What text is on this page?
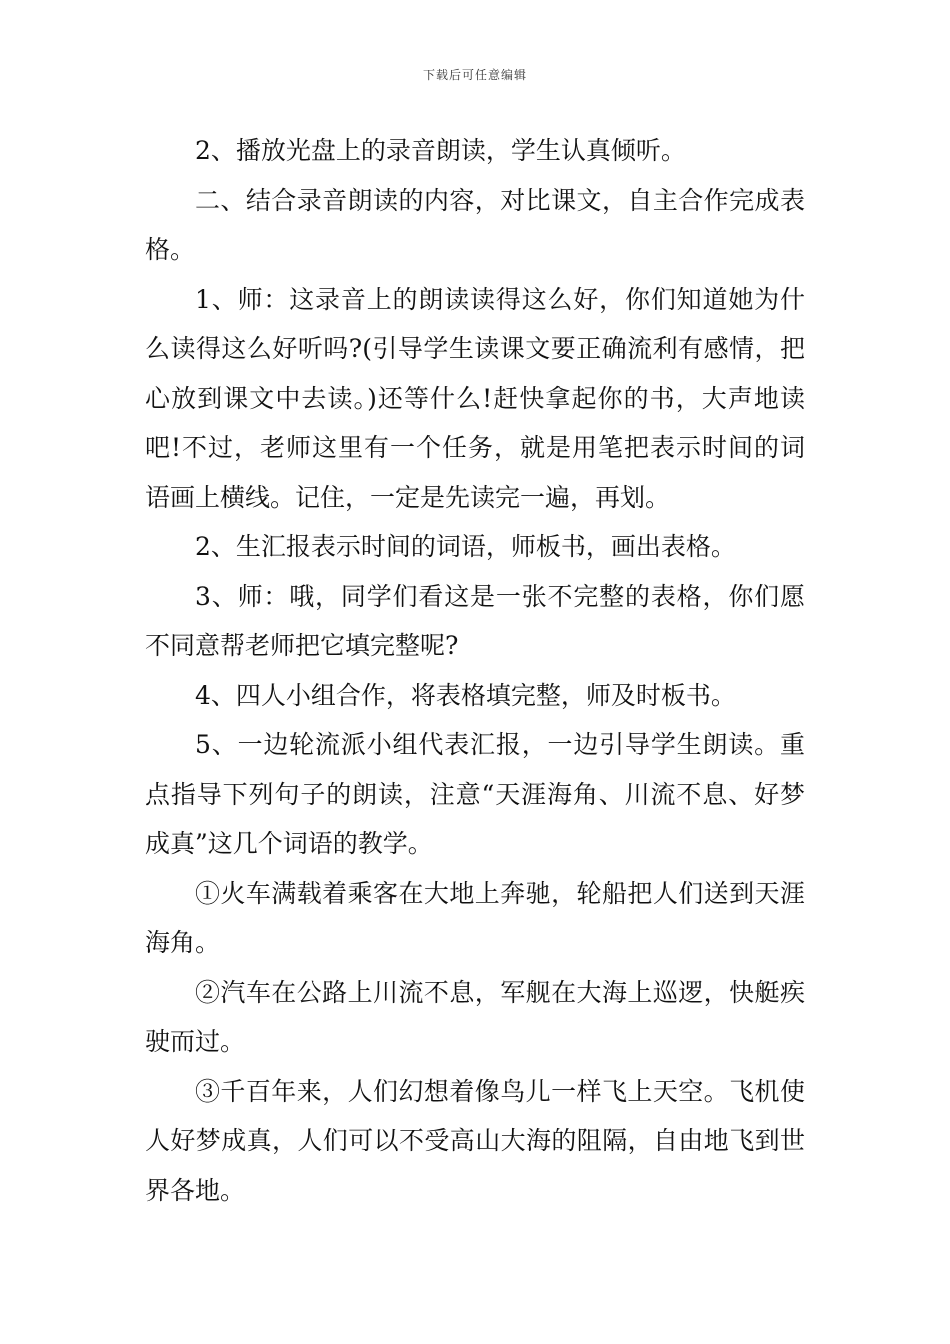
下载后可任意编辑

2、播放光盘上的录音朗读，学生认真倾听。

二、结合录音朗读的内容，对比课文，自主合作完成表格。

1、师：这录音上的朗读读得这么好，你们知道她为什么读得这么好听吗?(引导学生读课文要正确流利有感情，把心放到课文中去读。)还等什么!赶快拿起你的书，大声地读吧!不过，老师这里有一个任务，就是用笔把表示时间的词语画上横线。记住，一定是先读完一遍，再划。

2、生汇报表示时间的词语，师板书，画出表格。

3、师：哦，同学们看这是一张不完整的表格，你们愿不同意帮老师把它填完整呢?

4、四人小组合作，将表格填完整，师及时板书。

5、一边轮流派小组代表汇报，一边引导学生朗读。重点指导下列句子的朗读，注意“天涯海角、川流不息、好梦成真”这几个词语的教学。

①火车满载着乘客在大地上奔驰，轮船把人们送到天涯海角。

②汽车在公路上川流不息，军舰在大海上巡逻，快艇疾驶而过。

③千百年来，人们幻想着像鸟儿一样飞上天空。飞机使人好梦成真，人们可以不受高山大海的阻隔，自由地飞到世界各地。
